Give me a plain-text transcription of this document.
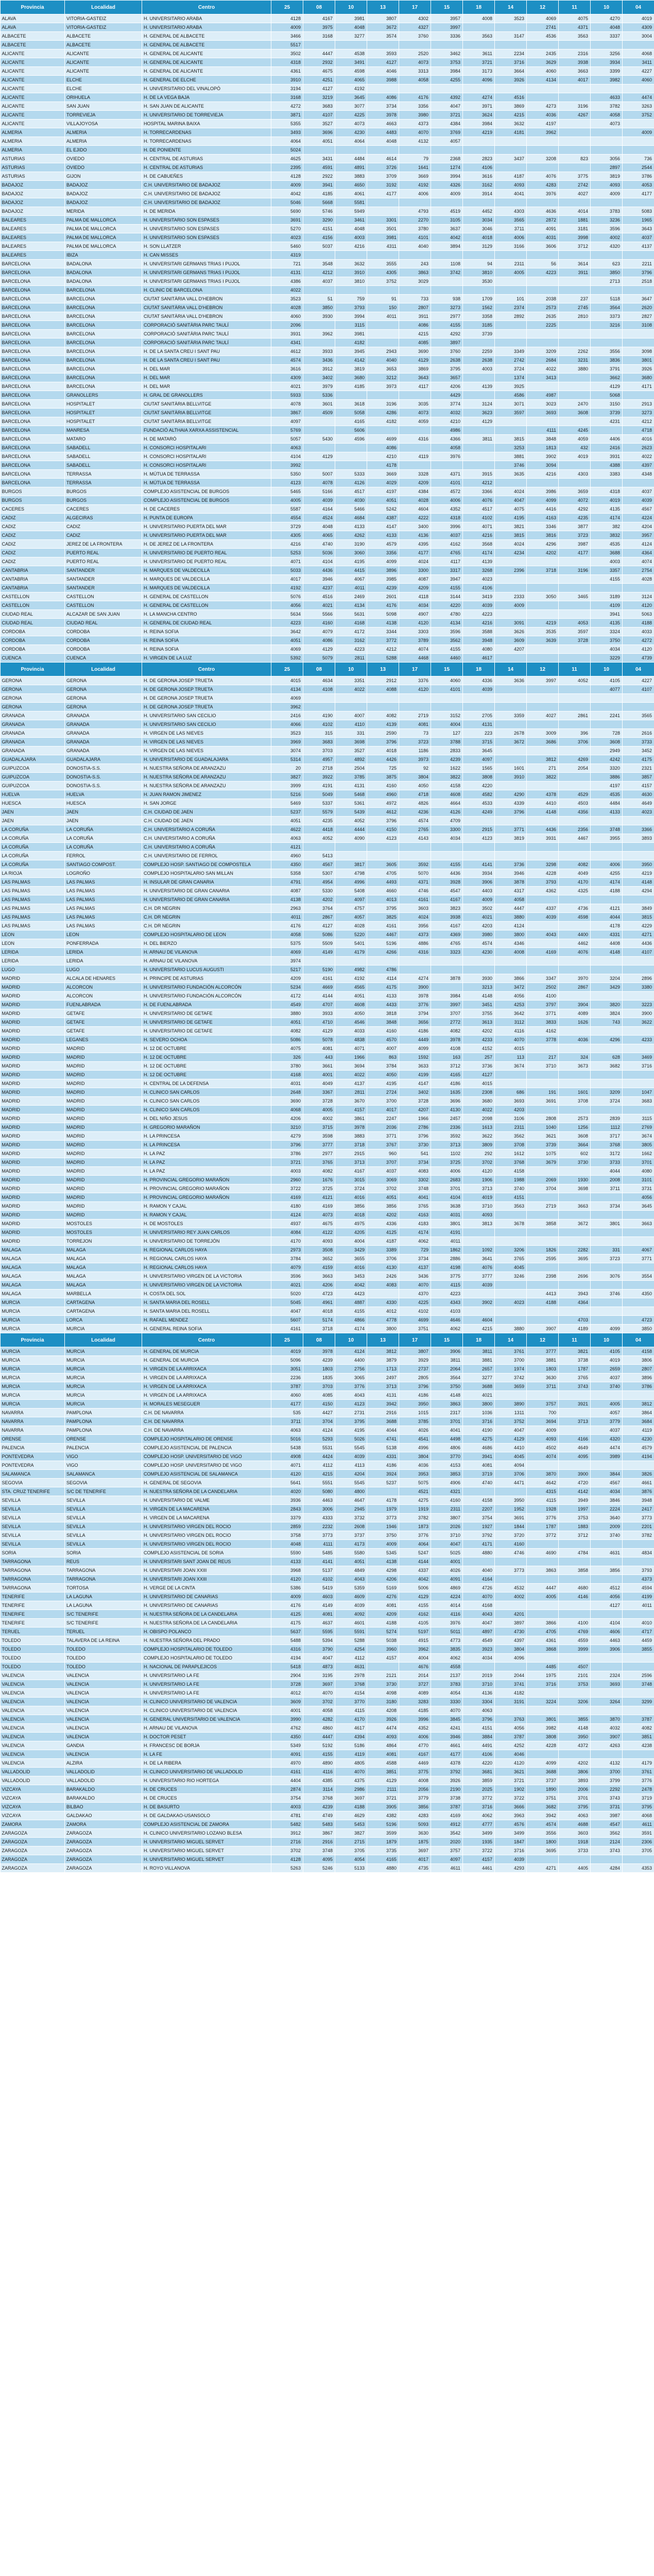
Provincia	Localidad	Centro	25	08	10	13	17	15	18	14	12	11	10	04
ALAVA	VITORIA-GASTEIZ	H. UNIVERSITARIO ARABA	4128	4167	3981	3807	4302	3957	4008	3523	4069	4075	4270	4019
ALAVA	VITORIA-GASTEIZ	H. UNIVERSITARIO ARABA	4009	3975	4048	3672	4327	3997			2741	4371	4048	4309
ALBACETE	ALBACETE	H. GENERAL DE ALBACETE	3466	3168	3277	3574	3760	3336	3563	3147	4536	3563	3337	3004
ALBACETE	ALBACETE	H. GENERAL DE ALBACETE	5517											
ALICANTE	ALICANTE	H. GENERAL DE ALICANTE	3502	4447	4538	3593	2520	3462	3611	2234	2435	2316	3256	4068
ALICANTE	ALICANTE	H. GENERAL DE ALICANTE	4318	2932	3491	4127	4073	3753	3721	3716	3629	3938	3934	3411
ALICANTE	ALICANTE	H. GENERAL DE ALICANTE	4361	4675	4598	4046	3313	3984	3173	3664	4060	3663	3399	4227
ALICANTE	ELCHE	H. GENERAL DE ELCHE	3910	4251	4065	3988	4058	4255	4096	3926	4134	4017	3982	4060
ALICANTE	ELCHE	H. UNIVERSITARIO DEL VINALOPÓ	3194	4127	4192									
ALICANTE	ORIHUELA	H. DE LA VEGA BAJA	3168	3219	3645	4086	4176	4392	4274	4516			4633	4474
ALICANTE	SAN JUAN	H. SAN JUAN DE ALICANTE	4272	3683	3077	3734	3356	4047	3971	3869	4273	3196	3782	3263
ALICANTE	TORREVIEJA	H. UNIVERSITARIO DE TORREVIEJA	3871	4107	4225	3978	3980	3721	3624	4215	4036	4267	4058	3752
ALICANTE	VILLAJOYOSA	HOSPITAL MARINA BAIXA	5355	3527	4073	4663	4373	4384	3984	3632	4197		4073	
ALMERIA	ALMERIA	H. TORRECARDENAS	3493	3696	4230	4483	4070	3769	4219	4181	3962			4009
ALMERIA	ALMERIA	H. TORRECARDENAS	4064	4051	4064	4048	4132	4057						
ALMERIA	EL EJIDO	H. DE PONIENTE	5024											
ASTURIAS	OVIEDO	H. CENTRAL DE ASTURIAS	4625	3431	4484	4614	79	2368	2823	3437	3208	823	3056	736
ASTURIAS	OVIEDO	H. CENTRAL DE ASTURIAS	2395	4591	4891	3726	1641	1274	4106				2897	2544
ASTURIAS	GIJON	H. DE CABUEÑES	4128	2922	3883	3709	3669	3994	3616	4187	4076	3775	3819	3786
BADAJOZ	BADAJOZ	C.H. UNIVERSITARIO DE BADAJOZ	4009	3941	4650	3192	4192	4326	3162	4093	4283	2742	4093	4053
BADAJOZ	BADAJOZ	C.H. UNIVERSITARIO DE BADAJOZ	4042	4185	4061	4177	4006	4009	3914	4041	3976	4027	4009	4177
BADAJOZ	BADAJOZ	C.H. UNIVERSITARIO DE BADAJOZ	5046	5668	5581									
BADAJOZ	MERIDA	H. DE MERIDA	5690	5746	5949		4793	4519	4452	4303	4636	4014	3783	5083
BALEARES	PALMA DE MALLORCA	H. UNIVERSITARIO SON ESPASES	3691	3290	3461	3301	2270	3105	3034	3565	2872	1881	3236	1965
BALEARES	PALMA DE MALLORCA	H. UNIVERSITARIO SON ESPASES	5270	4151	4048	3501	3780	3637	3046	3711	4091	3181	3596	3643
BALEARES	PALMA DE MALLORCA	H. UNIVERSITARIO SON ESPASES	4023	4156	4003	3981	4101	4042	4018	4006	4031	3998	4002	4037
BALEARES	PALMA DE MALLORCA	H. SON LLATZER	5460	5037	4216	4311	4040	3894	3129	3166	3606	3712	4320	4137
BALEARES	IBIZA	H. CAN MISSES	4319											
BARCELONA	BADALONA	H. UNIVERSITARI GERMANS TRIAS I PUJOL	721	3548	3632	3555	243	1108	94	2311	56	3614	623	2211
BARCELONA	BADALONA	H. UNIVERSITARI GERMANS TRIAS I PUJOL	4131	4212	3910	4305	3863	3742	3810	4005	4223	3911	3850	3796
BARCELONA	BADALONA	H. UNIVERSITARI GERMANS TRIAS I PUJOL	4386	4037	3810	3752	3029		3530				2713	2518
BARCELONA	BARCELONA	H. CLINIC DE BARCELONA	4022											
BARCELONA	BARCELONA	CIUTAT SANITÀRIA VALL D'HEBRON	3523	51	759	91	733	938	1709	101	2038	237	5118	3647
BARCELONA	BARCELONA	CIUTAT SANITÀRIA VALL D'HEBRON	4028	3850	3793	150	2807	3273	1562	2374	2573	2745	3564	2620
BARCELONA	BARCELONA	CIUTAT SANITÀRIA VALL D'HEBRON	4060	3930	3994	4011	3911	2977	3358	2892	2635	2810	3373	2827
BARCELONA	BARCELONA	CORPORACIÓ SANITÀRIA PARC TAULÍ	2096		3115		4086	4155	3185		2225		3216	3108
BARCELONA	BARCELONA	CORPORACIÓ SANITÀRIA PARC TAULÍ	3931	3962	3981		4215	4292	3739					
BARCELONA	BARCELONA	CORPORACIÓ SANITÀRIA PARC TAULÍ	4341		4182		4085	3897						
BARCELONA	BARCELONA	H. DE LA SANTA CREU I SANT PAU	4612	3933	3945	2943	3690	3760	2259	3349	3209	2262	3556	3098
BARCELONA	BARCELONA	H. DE LA SANTA CREU I SANT PAU	4574	3436	4142	4040	4129	2638	2638	2742	2684	3231	3836	3801
BARCELONA	BARCELONA	H. DEL MAR	3616	3912	3819	3653	3869	3795	4003	3724	4022	3880	3791	3926
BARCELONA	BARCELONA	H. DEL MAR	4309	3402	3680	3212	3643	3657		1374	3413		3662	3680
BARCELONA	BARCELONA	H. DEL MAR	4021	3979	4185	3973	4117	4206	4139	3925			4129	4171
BARCELONA	GRANOLLERS	H. GRAL DE GRANOLLERS	5933	5336				4429		4586	4987		5068	
BARCELONA	HOSPITALET	CIUTAT SANITÀRIA BELLVITGE	4078	3601	3618	3196	3035	3774	3124	3071	3023	2470	3150	2913
BARCELONA	HOSPITALET	CIUTAT SANITÀRIA BELLVITGE	3867	4509	5058	4286	4073	4032	3623	3597	3693	3608	3739	3273
BARCELONA	HOSPITALET	CIUTAT SANITÀRIA BELLVITGE	4097		4165	4182	4059	4210	4129				4231	4212
BARCELONA	MANRESA	FUNDACIÓ ALTHAIA XARXA ASSISTENCIAL	5769		5606			4986			4111	4245		4718
BARCELONA	MATARO	H. DE MATARÓ	5057	5430	4596	4699	4316	4366	3811	3815	3848	4059	4406	4016
BARCELONA	SABADELL	H. CONSORCI HOSPITALARI	4063			4086		4058		3253	1813	432	2416	2623
BARCELONA	SABADELL	H. CONSORCI HOSPITALARI	4104	4129		4210	4119	3976		3881	3902	4019	3931	4022
BARCELONA	SABADELL	H. CONSORCI HOSPITALARI	3992			4178				3746	3094		4388	4397
BARCELONA	TERRASSA	H. MÚTUA DE TERRASSA	5350	5007	5333	3669	3328	4371	3915	3635	4216	4303	3383	4348
BARCELONA	TERRASSA	H. MÚTUA DE TERRASSA	4123	4078	4126	4029	4209	4101	4212					
BURGOS	BURGOS	COMPLEJO ASISTENCIAL DE BURGOS	5465	5166	4517	4197	4384	4572	3366	4024	3986	3659	4318	4037
BURGOS	BURGOS	COMPLEJO ASISTENCIAL DE BURGOS	4005	4039	4030	4051	4028	4006	4076	4047	4099	4072	4019	4039
CACERES	CACERES	H. DE CACERES	5587	4164	5466	5242	4604	4352	4517	4075	4416	4292	4135	4567
CADIZ	ALGECIRAS	H. PUNTA DE EUROPA	4554	4524	4684	4387	4222	4318	4102	4195	4163	4235	4174	4224
CADIZ	CADIZ	H. UNIVERSITARIO PUERTA DEL MAR	3729	4048	4133	4147	3400	3996	4071	3821	3346	3877	382	4204
CADIZ	CADIZ	H. UNIVERSITARIO PUERTA DEL MAR	4305	4065	4262	4133	4136	4037	4216	3815	3816	3723	3832	3957
CADIZ	JEREZ DE LA FRONTERA	H. DE JEREZ DE LA FRONTERA	4216	4740	3190	4579	4395	4162	3568	4024	4296	3987	4535	4124
CADIZ	PUERTO REAL	H. UNIVERSITARIO DE PUERTO REAL	5253	5036	3060	3356	4177	4765	4174	4234	4202	4177	3688	4364
CADIZ	PUERTO REAL	H. UNIVERSITARIO DE PUERTO REAL	4071	4104	4195	4099	4024	4117	4139				4003	4074
CANTABRIA	SANTANDER	H. MARQUES DE VALDECILLA	5033	4436	4415	3896	3300	3317	3268	2396	3718	3196	3357	2754
CANTABRIA	SANTANDER	H. MARQUES DE VALDECILLA	4017	3946	4067	3985	4087	3947	4023				4155	4028
CANTABRIA	SANTANDER	H. MARQUES DE VALDECILLA	4192	4237	4011	4239	4209	4155	4106					
CASTELLON	CASTELLON	H. GENERAL DE CASTELLON	5076	4516	2469	2601	4118	3144	3419	2333	3050	3465	3189	3124
CASTELLON	CASTELLON	H. GENERAL DE CASTELLON	4056	4021	4134	4176	4034	4220	4039	4009			4109	4120
CIUDAD REAL	ALCAZAR DE SAN JUAN	H. LA MANCHA CENTRO	5634	5566	5631	5098	4907	4780	4223				3941	5063
CIUDAD REAL	CIUDAD REAL	H. GENERAL DE CIUDAD REAL	4223	4160	4168	4138	4120	4134	4216	3091	4219	4053	4135	4188
CORDOBA	CORDOBA	H. REINA SOFIA	3642	4079	4172	3344	3303	3596	3588	3626	3535	3597	3324	4033
CORDOBA	CORDOBA	H. REINA SOFIA	4051	4086	3162	3772	3789	3562	3948	3609	3639	3728	3750	4272
CORDOBA	CORDOBA	H. REINA SOFIA	4069	4129	4223	4212	4074	4155	4080	4207			4034	4120
CUENCA	CUENCA	H. VIRGEN DE LA LUZ	5392	5079	2811	5288	4468	4460	4617				3229	4739
Provincia	Localidad	Centro	25	08	10	13	17	15	18	14	12	11	10	04
GERONA	GERONA	H. DE GERONA JOSEP TRUETA	4015	4634	3351	2912	3376	4060	4336	3636	3997	4052	4105	4227
GERONA	GERONA	H. DE GERONA JOSEP TRUETA	4134	4108	4022	4088	4120	4101	4039				4077	4107
GERONA	GERONA	H. DE GERONA JOSEP TRUETA	4069											
GERONA	GERONA	H. DE GERONA JOSEP TRUETA	3962											
GRANADA	GRANADA	H. UNIVERSITARIO SAN CECILIO	2416	4190	4007	4082	2719	3152	2705	3359	4027	2861	2241	3565
GRANADA	GRANADA	H. UNIVERSITARIO SAN CECILIO	4066	4102	4110	4139	4081	4004	4131					
GRANADA	GRANADA	H. VIRGEN DE LAS NIEVES	3523	315	331	2590	73	127	223	2678	3009	396	728	2616
GRANADA	GRANADA	H. VIRGEN DE LAS NIEVES	3969	3683	3698	3796	3723	3788	3715	3672	3686	3706	3608	3733
GRANADA	GRANADA	H. VIRGEN DE LAS NIEVES	3074	3703	3527	4018	1186	2833	3645				2949	3452
GUADALAJARA	GUADALAJARA	H. UNIVERSITARIO DE GUADALAJARA	5314	4957	4892	4426	3973	4239	4097		3812	4269	4242	4175
GUIPUZCOA	DONOSTIA-S.S.	H. NUESTRA SEÑORA DE ARANZAZU	20	2718	2504	725	92	1622	1565	1601	271	2054	3320	2321
GUIPUZCOA	DONOSTIA-S.S.	H. NUESTRA SEÑORA DE ARANZAZU	3827	3922	3785	3875	3804	3822	3808	3910	3822		3886	3857
GUIPUZCOA	DONOSTIA-S.S.	H. NUESTRA SEÑORA DE ARANZAZU	3999	4191	4131	4160	4050	4158	4220				4197	4157
HUELVA	HUELVA	H. JUAN RAMON JIMENEZ	5216	5049	5468	4960	4718	4608	4582	4290	4378	4529	4535	4630
HUESCA	HUESCA	H. SAN JORGE	5469	5337	5361	4972	4826	4664	4533	4339	4410	4503	4484	4649
JAEN	JAEN	C.H. CIUDAD DE JAEN	5237	5579	5439	4612	4236	4126	4249	3796	4148	4356	4133	4023
JAEN	JAEN	C.H. CIUDAD DE JAEN	4051	4235	4052	3796	4574	4709						
LA CORUÑA	LA CORUÑA	C.H. UNIVERSITARIO A CORUÑA	4622	4418	4444	4150	2765	3300	2915	3771	4436	2356	3748	3366
LA CORUÑA	LA CORUÑA	C.H. UNIVERSITARIO A CORUÑA	4063	4052	4090	4123	4143	4034	4123	3819	3931	4467	3955	3893
LA CORUÑA	LA CORUÑA	C.H. UNIVERSITARIO A CORUÑA	4121											
LA CORUÑA	FERROL	C.H. UNIVERSITARIO DE FERROL	4960	5413										
LA CORUÑA	SANTIAGO COMPOST.	COMPLEJO HOSP. SANTIAGO DE COMPOSTELA	4350	4567	3817	3605	3592	4155	4141	3736	3298	4082	4006	3950
LA RIOJA	LOGROÑO	COMPLEJO HOSPITALARIO SAN MILLAN	5358	5307	4798	4705	5070	4436	3934	3946	4228	4049	4255	4219
LAS PALMAS	LAS PALMAS	H. INSULAR DE GRAN CANARIA	4791	4954	4996	4493	4371	3928	3906	3878	3793	4170	4174	4148
LAS PALMAS	LAS PALMAS	H. UNIVERSITARIO DE GRAN CANARIA	4087	5330	5408	4660	4746	4547	4403	4317	4362	4325	4188	4294
LAS PALMAS	LAS PALMAS	H. UNIVERSITARIO DE GRAN CANARIA	4138	4202	4097	4013	4161	4167	4009	4058				
LAS PALMAS	LAS PALMAS	C.H. DR NEGRIN	2963	3764	4757	3795	3603	3823	3502	4447	4337	4736	4121	3849
LAS PALMAS	LAS PALMAS	C.H. DR NEGRIN	4011	2867	4057	3825	4024	3938	4021	3880	4039	4598	4044	3815
LAS PALMAS	LAS PALMAS	C.H. DR NEGRIN	4176	4127	4028	4161	3956	4167	4203	4124			4178	4229
LEON	LEON	COMPLEJO HOSPITALARIO DE LEON	4058	5086	5220	4467	4373	4369	3980	3800	4043	4400	4331	4271
LEON	PONFERRADA	H. DEL BIERZO	5375	5509	5401	5196	4886	4765	4574	4346		4462	4408	4436
LERIDA	LERIDA	H. ARNAU DE VILANOVA	4069	4149	4179	4266	4316	3323	4230	4008	4169	4076	4148	4107
LERIDA	LERIDA	H. ARNAU DE VILANOVA	3974											
LUGO	LUGO	H. UNIVERSITARIO LUCUS AUGUSTI	5217	5190	4982	4786								
MADRID	ALCALA DE HENARES	H. PRINCIPE DE ASTURIAS	4209	4161	4192	4114	4274	3878	3930	3866	3347	3970	3204	2896
MADRID	ALCORCON	H. UNIVERSITARIO FUNDACIÓN ALCORCÓN	5234	4669	4565	4175	3900		3213	3472	2502	2867	3429	3380
MADRID	ALCORCON	H. UNIVERSITARIO FUNDACIÓN ALCORCÓN	4172	4144	4051	4133	3978	3984	4148	4056	4100			
MADRID	FUENLABRADA	H. DE FUENLABRADA	4549	4707	4608	4433	3776	3997	3451	4253	3797	3904	3820	3223
MADRID	GETAFE	H. UNIVERSITARIO DE GETAFE	3880	3933	4050	3818	3794	3707	3755	3642	3771	4089	3824	3900
MADRID	GETAFE	H. UNIVERSITARIO DE GETAFE	4051	4710	4546	3848	3656	2772	3613	3112	3833	1626	743	3622
MADRID	GETAFE	H. UNIVERSITARIO DE GETAFE	4082	4129	4033	4160	4186	4082	4202	4116	4162			
MADRID	LEGANES	H. SEVERO OCHOA	5086	5078	4838	4570	4449	3978	4233	4070	3778	4036	4296	4233
MADRID	MADRID	H. 12 DE OCTUBRE	4075	4081	4071	4007	4099	4108	4152	4015				
MADRID	MADRID	H. 12 DE OCTUBRE	326	443	1966	863	1592	163	257	113	217	324	628	3469
MADRID	MADRID	H. 12 DE OCTUBRE	3780	3661	3694	3784	3633	3712	3736	3674	3710	3673	3682	3716
MADRID	MADRID	H. 12 DE OCTUBRE	4168	4001	4022	4050	4199	4165	4127					
MADRID	MADRID	H. CENTRAL DE LA DEFENSA	4031	4049	4137	4195	4147	4186	4015					
MADRID	MADRID	H. CLINICO SAN CARLOS	2648	3367	2811	2724	3402	1635	2308	686	191	1601	3209	1047
MADRID	MADRID	H. CLINICO SAN CARLOS	3690	3728	3670	3700	3728	3696	3680	3693	3691	3708	3724	3683
MADRID	MADRID	H. CLINICO SAN CARLOS	4068	4005	4157	4017	4207	4130	4022	4203				
MADRID	MADRID	H. DEL NIÑO JESUS	4206	4002	3861	2247	1966	2457	2098	3106	2808	2573	2839	3115
MADRID	MADRID	H. GREGORIO MARAÑON	3210	3715	3978	2036	2786	2336	1613	2311	1040	1256	1112	2769
MADRID	MADRID	H. LA PRINCESA	4279	3598	3883	3771	3796	3592	3622	3562	3621	3608	3717	3674
MADRID	MADRID	H. LA PRINCESA	3796	3777	3718	3767	3730	3713	3809	3708	3739	3664	3768	3805
MADRID	MADRID	H. LA PAZ	3786	2977	2915	960	541	1102	292	1612	1075	602	3172	1662
MADRID	MADRID	H. LA PAZ	3721	3765	3713	3707	3734	3725	3702	3768	3679	3730	3733	3701
MADRID	MADRID	H. LA PAZ	4003	4082	4167	4037	4083	4006	4120	4158			4044	4080
MADRID	MADRID	H. PROVINCIAL GREGORIO MARAÑON	2960	1676	3015	3069	3302	2683	1906	1988	2069	1930	2008	3101
MADRID	MADRID	H. PROVINCIAL GREGORIO MARAÑON	3722	3725	3724	3702	3748	3701	3713	3740	3704	3698	3711	3731
MADRID	MADRID	H. PROVINCIAL GREGORIO MARAÑON	4169	4121	4016	4051	4041	4104	4019	4151				4056
MADRID	MADRID	H. RAMON Y CAJAL	4180	4169	3856	3856	3765	3638	3710	3563	2719	3663	3734	3645
MADRID	MADRID	H. RAMON Y CAJAL	4124	4073	4018	4202	4163	4031	4093					
MADRID	MOSTOLES	H. DE MOSTOLES	4937	4675	4975	4336	4183	3801	3813	3678	3858	3672	3801	3663
MADRID	MOSTOLES	H. UNIVERSITARIO REY JUAN CARLOS	4084	4122	4205	4125	4174	4191						
MADRID	TORREJON	H. UNIVERSITARIO DE TORREJÓN	4170	4093	4004	4187	4062	4011						
MALAGA	MALAGA	H. REGIONAL CARLOS HAYA	2973	3508	3429	3389	729	1862	1092	3206	1826	2282	331	4067
MALAGA	MALAGA	H. REGIONAL CARLOS HAYA	3784	3652	3655	3706	3734	2886	3641	3765	2595	3695	3723	3771
MALAGA	MALAGA	H. REGIONAL CARLOS HAYA	4079	4159	4016	4130	4137	4198	4076	4045				
MALAGA	MALAGA	H. UNIVERSITARIO VIRGEN DE LA VICTORIA	3596	3663	3453	2426	3436	3775	3777	3246	2398	2696	3076	3554
MALAGA	MALAGA	H. UNIVERSITARIO VIRGEN DE LA VICTORIA	4021	4206	4042	4083	4070	4115	4039					
MALAGA	MARBELLA	H. COSTA DEL SOL	5020	4723	4423		4370	4223			4413	3943	3746	4350
MURCIA	CARTAGENA	H. SANTA MARIA DEL ROSELL	5045	4961	4887	4330	4225	4343	3902	4023	4188	4364		
MURCIA	CARTAGENA	H. SANTA MARIA DEL ROSELL	4047	4018	4155	4012	4102	4103						
MURCIA	LORCA	H. RAFAEL MENDEZ	5607	5174	4866	4778	4699	4646	4604			4703		4723
MURCIA	MURCIA	H. GENERAL REINA SOFIA	4161	3718	4174	3800	3751	4062	4215	3880	3907	4189	4099	3850
Provincia	Localidad	Centro	25	08	10	13	17	15	18	14	12	11	10	04
MURCIA	MURCIA	H. GENERAL DE MURCIA	4019	3978	4124	3812	3807	3906	3811	3761	3777	3821	4105	4158
MURCIA	MURCIA	H. GENERAL DE MURCIA	5096	4239	4400	3879	3929	3811	3881	3700	3881	3738	4019	3806
MURCIA	MURCIA	H. VIRGEN DE LA ARRIXACA	3051	1803	2756	1713	2737	2064	2657	1974	1803	1787	2659	2807
MURCIA	MURCIA	H. VIRGEN DE LA ARRIXACA	2236	1835	3065	2497	2805	3564	3277	3742	3630	3765	4037	3896
MURCIA	MURCIA	H. VIRGEN DE LA ARRIXACA	3787	3703	3776	3713	3796	3750	3688	3659	3711	3743	3740	3786
MURCIA	MURCIA	H. VIRGEN DE LA ARRIXACA	4060	4085	4043	4131	4186	4148	4021					
MURCIA	MURCIA	H. MORALES MESEGUER	4177	4150	4123	3942	3950	3863	3800	3890	3757	3921	4005	3812
NAVARRA	PAMPLONA	C.H. DE NAVARRA	535	4427	2731	2916	1015	2317	1036	1311	700		4057	3864
NAVARRA	PAMPLONA	C.H. DE NAVARRA	3711	3704	3795	3688	3785	3701	3716	3752	3694	3713	3779	3684
NAVARRA	PAMPLONA	C.H. DE NAVARRA	4063	4124	4195	4044	4026	4041	4190	4047	4009		4037	4119
ORENSE	ORENSE	COMPLEJO HOSPITALARIO DE ORENSE	5016	5293	5026	4741	4541	4498	4275	4129	4093	4166	4320	4230
PALENCIA	PALENCIA	COMPLEJO ASISTENCIAL DE PALENCIA	5438	5531	5545	5138	4996	4806	4686	4410	4502	4649	4474	4579
PONTEVEDRA	VIGO	COMPLEJO HOSP. UNIVERSITARIO DE VIGO	4908	4424	4039	4331	3804	3770	3941	4045	4074	4095	3989	4194
PONTEVEDRA	VIGO	COMPLEJO HOSP. UNIVERSITARIO DE VIGO	4071	4112	4113	4186	4036	4153	4081	4094				
SALAMANCA	SALAMANCA	COMPLEJO ASISTENCIAL DE SALAMANCA	4120	4215	4204	3924	3953	3853	3719	3706	3870	3900	3844	3826
SEGOVIA	SEGOVIA	H. GENERAL DE SEGOVIA	5641	5551	5545	5237	5075	4906	4740	4471	4642	4720	4567	4661
STA. CRUZ TENERIFE	S/C DE TENERIFE	H. NUESTRA SEÑORA DE LA CANDELARIA	4020	5080	4800		4521	4321			4315	4142	4034	3876
SEVILLA	SEVILLA	H. UNIVERSITARIO DE VALME	3936	4463	4647	4178	4275	4160	4158	3950	4115	3949	3846	3948
SEVILLA	SEVILLA	H. VIRGEN DE LA MACARENA	2843	3006	2945	1979	1919	2311	2207	1952	1928	1997	2224	2417
SEVILLA	SEVILLA	H. VIRGEN DE LA MACARENA	3379	4333	3732	3773	3782	3807	3754	3691	3776	3753	3640	3773
SEVILLA	SEVILLA	H. UNIVERSITARIO VIRGEN DEL ROCIO	2859	2232	2608	1946	1873	2026	1927	1844	1787	1883	2009	2201
SEVILLA	SEVILLA	H. UNIVERSITARIO VIRGEN DEL ROCIO	3758	3773	3737	3750	3776	3710	3792	3720	3772	3712	3740	3782
SEVILLA	SEVILLA	H. UNIVERSITARIO VIRGEN DEL ROCIO	4048	4111	4173	4009	4064	4047	4171	4160				
SORIA	SORIA	COMPLEJO ASISTENCIAL DE SORIA	5590	5485	5580	5345	5247	5025	4880	4746	4690	4784	4631	4834
TARRAGONA	REUS	H. UNIVERSITARI SANT JOAN DE REUS	4133	4141	4051	4138	4144	4001						
TARRAGONA	TARRAGONA	H. UNIVERSITARI JOAN XXIII	3968	5137	4849	4298	4337	4026	4040	3773	3863	3858	3856	3793
TARRAGONA	TARRAGONA	H. UNIVERSITARI JOAN XXIII	4120	4102	4043	4206	4042	4091	4164					4373
TARRAGONA	TORTOSA	H. VERGE DE LA CINTA	5386	5419	5359	5169	5006	4869	4726	4532	4447	4680	4512	4594
TENERIFE	LA LAGUNA	H. UNIVERSITARIO DE CANARIAS	4009	4603	4609	4276	4129	4224	4070	4002	4005	4146	4056	4199
TENERIFE	LA LAGUNA	H. UNIVERSITARIO DE CANARIAS	4176	4149	4039	4081	4155	4014	4168				4127	4011
TENERIFE	S/C TENERIFE	H. NUESTRA SEÑORA DE LA CANDELARIA	4125	4081	4092	4209	4162	4116	4043	4201				
TENERIFE	S/C TENERIFE	H. NUESTRA SEÑORA DE LA CANDELARIA	4175	4637	4601	4188	4105	3976	4047	3897	3866	4100	4104	4010
TERUEL	TERUEL	H. OBISPO POLANCO	5637	5595	5591	5274	5197	5011	4897	4730	4705	4769	4606	4717
TOLEDO	TALAVERA DE LA REINA	H. NUESTRA SEÑORA DEL PRADO	5488	5394	5288	5038	4915	4773	4549	4397	4361	4559	4463	4459
TOLEDO	TOLEDO	COMPLEJO HOSPITALARIO DE TOLEDO	4316	3790	4254	3960	3962	3835	3923	3804	3868	3999	3906	3855
TOLEDO	TOLEDO	COMPLEJO HOSPITALARIO DE TOLEDO	4194	4047	4112	4157	4004	4062	4034	4096				
TOLEDO	TOLEDO	H. NACIONAL DE PARAPLEJICOS	5418	4873	4631		4676	4558			4485	4507		
VALENCIA	VALENCIA	H. UNIVERSITARIO LA FE	2904	3195	2978	2121	2014	2137	2019	2044	1975	2101	2324	2596
VALENCIA	VALENCIA	H. UNIVERSITARIO LA FE	3728	3697	3768	3730	3727	3783	3710	3741	3716	3753	3693	3748
VALENCIA	VALENCIA	H. UNIVERSITARIO LA FE	4012	4070	4154	4098	4089	4054	4136	4182				
VALENCIA	VALENCIA	H. CLINICO UNIVERSITARIO DE VALENCIA	3609	3702	3770	3180	3283	3330	3304	3191	3224	3206	3264	3299
VALENCIA	VALENCIA	H. CLINICO UNIVERSITARIO DE VALENCIA	4001	4058	4115	4208	4185	4070	4063					
VALENCIA	VALENCIA	H. GENERAL UNIVERSITARIO DE VALENCIA	3990	4282	4170	3926	3996	3845	3796	3763	3801	3855	3870	3787
VALENCIA	VALENCIA	H. ARNAU DE VILANOVA	4762	4860	4617	4474	4352	4241	4151	4056	3982	4148	4032	4082
VALENCIA	VALENCIA	H. DOCTOR PESET	4350	4447	4394	4093	4006	3946	3884	3787	3808	3950	3907	3851
VALENCIA	GANDIA	H. FRANCESC DE BORJA	5349	5192	5186	4864	4770	4661	4491	4252	4228	4372	4263	4238
VALENCIA	VALENCIA	H. LA FE	4091	4155	4119	4081	4167	4177	4106	4046				
VALENCIA	ALZIRA	H. DE LA RIBERA	4970	4890	4805	4588	4469	4378	4220	4120	4099	4202	4132	4179
VALLADOLID	VALLADOLID	H. CLINICO UNIVERSITARIO DE VALLADOLID	4161	4116	4070	3851	3775	3792	3681	3621	3688	3806	3700	3761
VALLADOLID	VALLADOLID	H. UNIVERSITARIO RIO HORTEGA	4404	4385	4375	4129	4008	3926	3859	3721	3737	3893	3799	3776
VIZCAYA	BARAKALDO	H. DE CRUCES	2874	3114	2986	2111	2056	2190	2025	1902	1890	2006	2292	2478
VIZCAYA	BARAKALDO	H. DE CRUCES	3754	3768	3697	3721	3779	3738	3772	3722	3751	3701	3743	3719
VIZCAYA	BILBAO	H. DE BASURTO	4003	4239	4188	3905	3856	3787	3716	3666	3682	3795	3731	3795
VIZCAYA	GALDAKAO	H. DE GALDAKAO-USANSOLO	4781	4749	4629	4382	4283	4169	4062	3963	3942	4063	3987	4068
ZAMORA	ZAMORA	COMPLEJO ASISTENCIAL DE ZAMORA	5482	5483	5453	5196	5093	4912	4777	4576	4574	4688	4547	4611
ZARAGOZA	ZARAGOZA	H. CLINICO UNIVERSITARIO LOZANO BLESA	3912	3867	3827	3599	3630	3542	3499	3499	3556	3603	3562	3591
ZARAGOZA	ZARAGOZA	H. UNIVERSITARIO MIGUEL SERVET	2716	2916	2715	1879	1875	2020	1935	1847	1800	1918	2124	2306
ZARAGOZA	ZARAGOZA	H. UNIVERSITARIO MIGUEL SERVET	3702	3748	3705	3735	3697	3757	3722	3716	3695	3733	3743	3705
ZARAGOZA	ZARAGOZA	H. UNIVERSITARIO MIGUEL SERVET	4128	4095	4054	4165	4017	4097	4157	4039				
ZARAGOZA	ZARAGOZA	H. ROYO VILLANOVA	5263	5246	5133	4880	4735	4611	4461	4293	4271	4405	4284	4353
